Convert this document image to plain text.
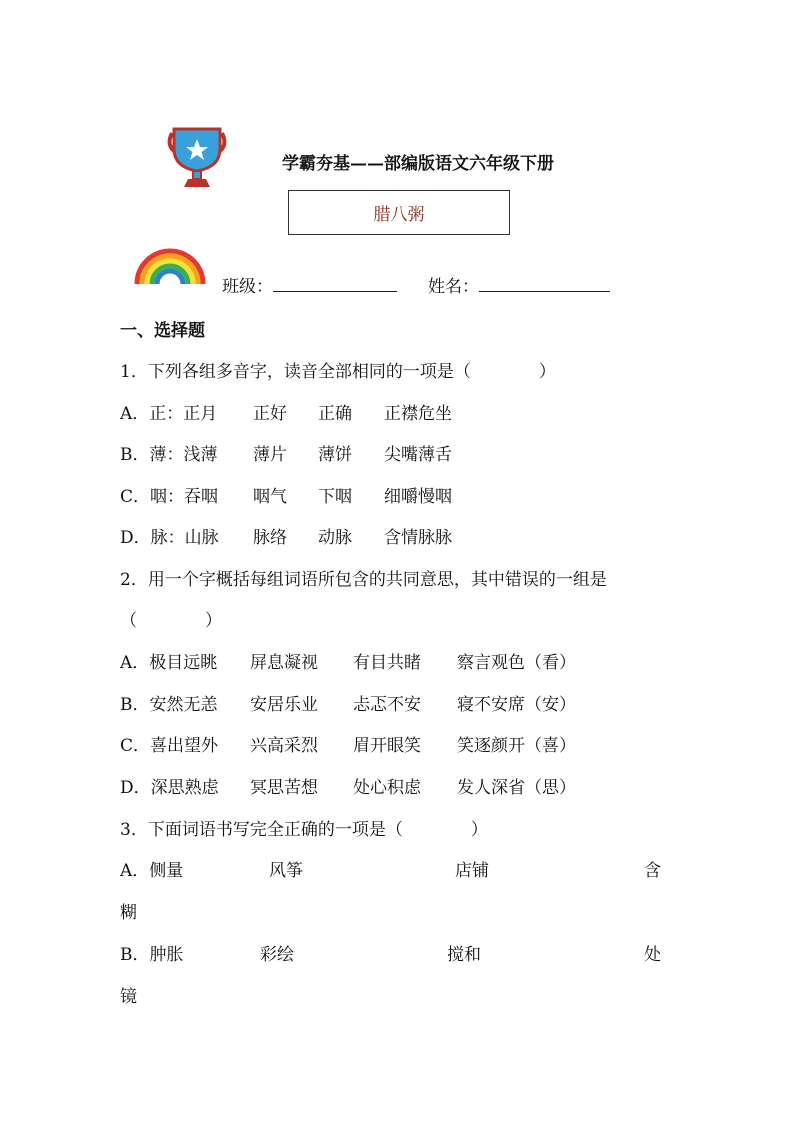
学霸夯基——部编版语文六年级下册
腊八粥
班级：	姓名：
一、选择题
1．下列各组多音字，读音全部相同的一项是（　　　　）
A．正：正月 正好 正确 正襟危坐
B．薄：浅薄 薄片 薄饼 尖嘴薄舌
C．咽：吞咽 咽气 下咽 细嚼慢咽
D．脉：山脉 脉络 动脉 含情脉脉
2．用一个字概括每组词语所包含的共同意思，其中错误的一组是
（　　　　）
A．极目远眺 屏息凝视 有目共睹 察言观色（看）
B．安然无恙 安居乐业 忐忑不安 寝不安席（安）
C．喜出望外 兴高采烈 眉开眼笑 笑逐颜开（喜）
D．深思熟虑 冥思苦想 处心积虑 发人深省（思）
3．下面词语书写完全正确的一项是（　　　　）
A．侧量	风筝	店铺	含
糊
B．肿胀	彩绘	搅和	处
镜
